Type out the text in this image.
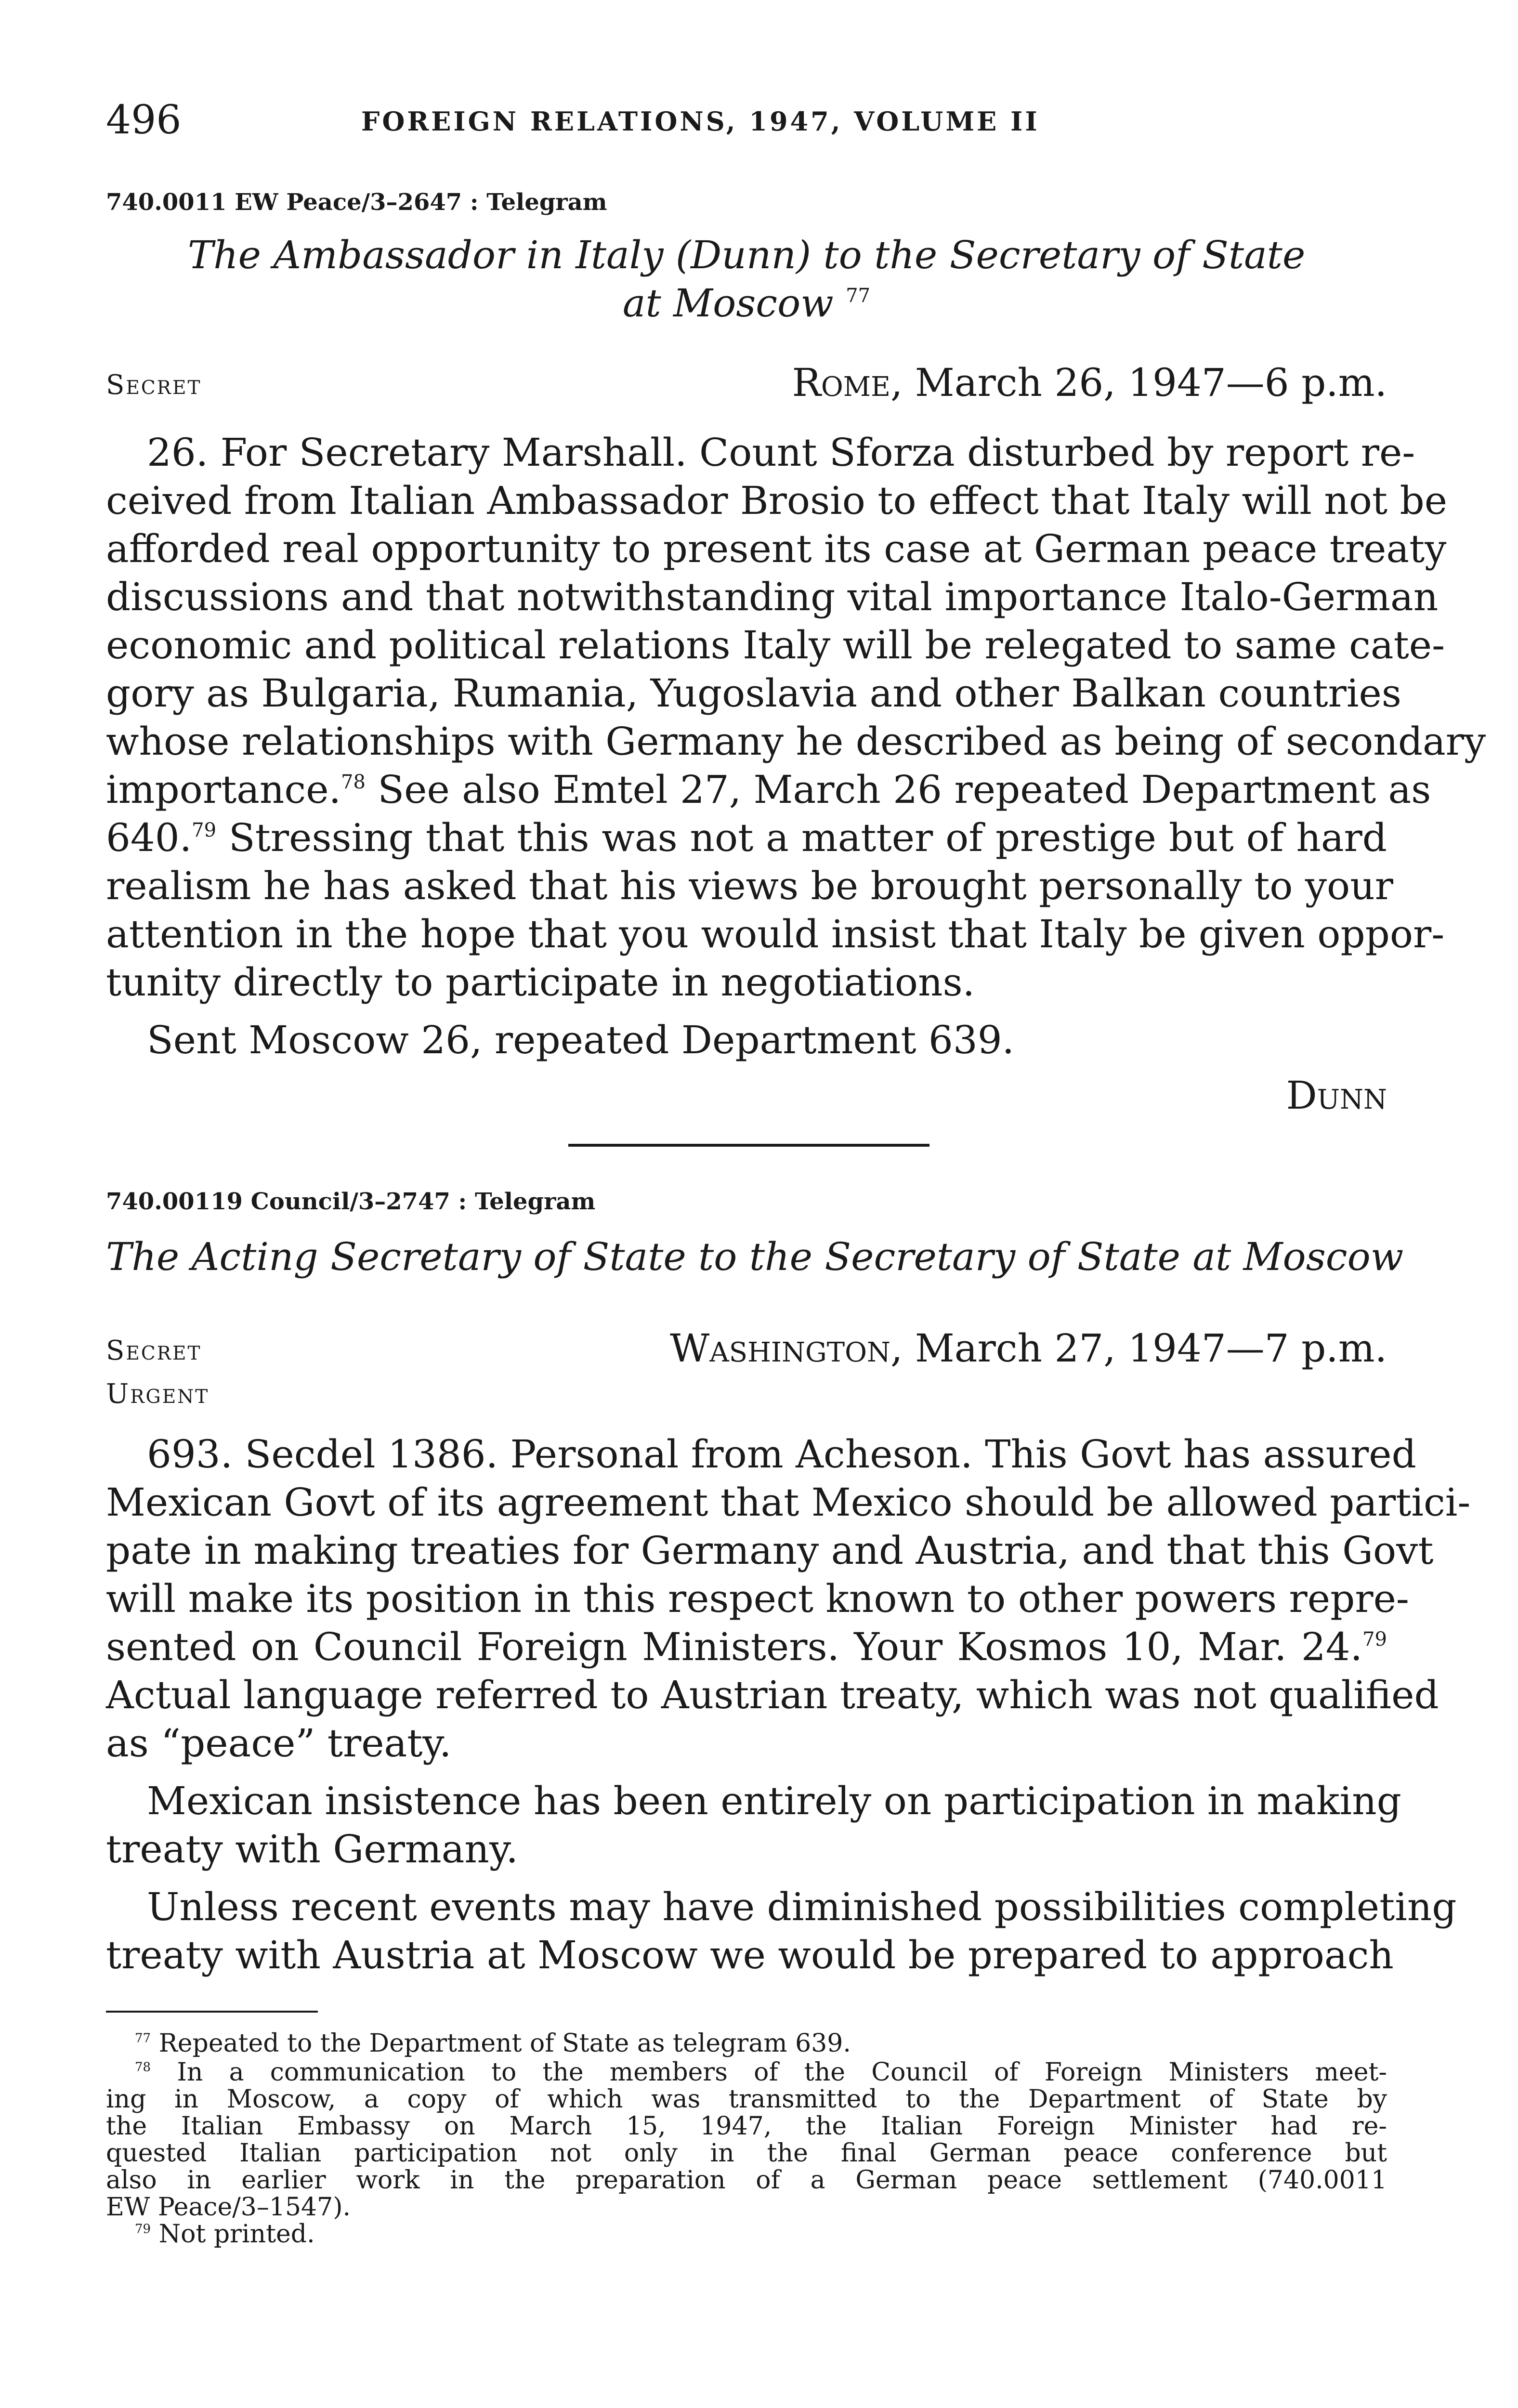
496	FOREIGN RELATIONS, 1947, VOLUME II
740.0011 EW Peace/3–2647 : Telegram
The Ambassador in Italy (Dunn) to the Secretary of State
at Moscow $^{77}$
Secret	Rome, March 26, 1947—6 p.m.
26. For Secretary Marshall. Count Sforza disturbed by report re-
ceived from Italian Ambassador Brosio to effect that Italy will not be
afforded real opportunity to present its case at German peace treaty
discussions and that notwithstanding vital importance Italo-German
economic and political relations Italy will be relegated to same cate-
gory as Bulgaria, Rumania, Yugoslavia and other Balkan countries
whose relationships with Germany he described as being of secondary
importance.$^{78}$ See also Emtel 27, March 26 repeated Department as
640.79 Stressing that this was not a matter of prestige but of hard
realism he has asked that his views be brought personally to your
attention in the hope that you would insist that Italy be given oppor-
tunity directly to participate in negotiations.
Sent Moscow 26, repeated Department 639.
Dunn
740.00119 Council/3–2747 : Telegram
The Acting Secretary of State to the Secretary of State at Moscow
Secret
Urgent
Washington, March 27, 1947—7 p.m.
693. Secdel 1386. Personal from Acheson. This Govt has assured
Mexican Govt of its agreement that Mexico should be allowed partici-
pate in making treaties for Germany and Austria, and that this Govt
will make its position in this respect known to other powers repre-
sented on Council Foreign Ministers. Your Kosmos 10, Mar. 24.79
Actual language referred to Austrian treaty, which was not qualified
as “peace” treaty.
Mexican insistence has been entirely on participation in making
treaty with Germany.
Unless recent events may have diminished possibilities completing
treaty with Austria at Moscow we would be prepared to approach
$^{77}$ Repeated to the Department of State as telegram 639.
$^{78}$ In a communication to the members of the Council of Foreign Ministers meet-
ing in Moscow, a copy of which was transmitted to the Department of State by
the Italian Embassy on March 15, 1947, the Italian Foreign Minister had re-
quested Italian participation not only in the final German peace conference but
also in earlier work in the preparation of a German peace settlement (740.0011
EW Peace/3–1547).
$^{79}$ Not printed.
